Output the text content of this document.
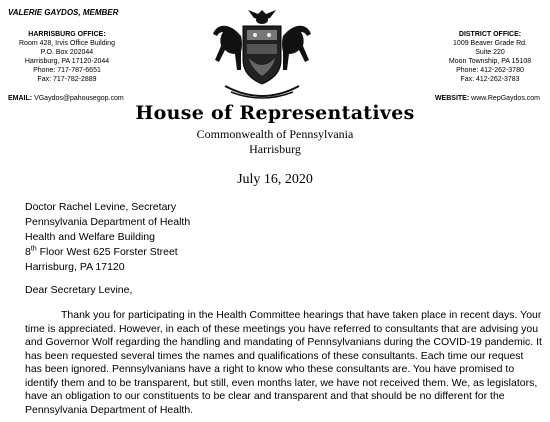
VALERIE GAYDOS, MEMBER
HARRISBURG OFFICE:
Room 428, Irvis Office Building
P.O. Box 202044
Harrisburg, PA 17120-2044
Phone: 717-787-6651
Fax: 717-782-2889
EMAIL: VGaydos@pahousegop.com
DISTRICT OFFICE:
1009 Beaver Grade Rd.
Suite 220
Moon Township, PA 15108
Phone: 412-262-3780
Fax: 412-262-3783
WEBSITE: www.RepGaydos.com
House of Representatives
Commonwealth of Pennsylvania
Harrisburg
July 16, 2020
Doctor Rachel Levine, Secretary
Pennsylvania Department of Health
Health and Welfare Building
8th Floor West 625 Forster Street
Harrisburg, PA 17120
Dear Secretary Levine,
Thank you for participating in the Health Committee hearings that have taken place in recent days. Your time is appreciated. However, in each of these meetings you have referred to consultants that are advising you and Governor Wolf regarding the handling and mandating of Pennsylvanians during the COVID-19 pandemic. It has been requested several times the names and qualifications of these consultants. Each time our request has been ignored. Pennsylvanians have a right to know who these consultants are. You have promised to identify them and to be transparent, but still, even months later, we have not received them. We, as legislators, have an obligation to our constituents to be clear and transparent and that should be no different for the Pennsylvania Department of Health.
